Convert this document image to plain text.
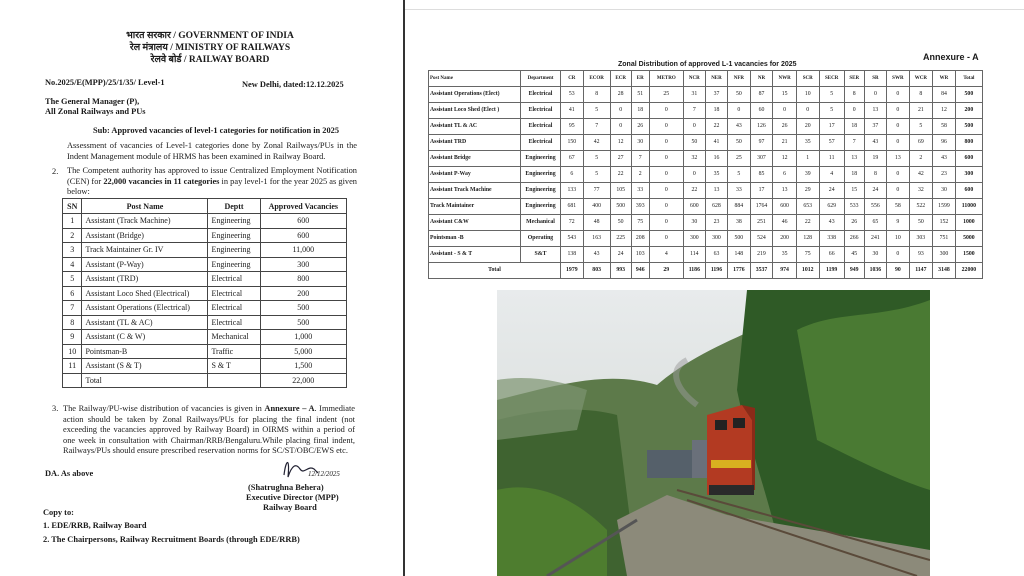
भारत सरकार / GOVERNMENT OF INDIA
रेल मंत्रालय / MINISTRY OF RAILWAYS
रेलवे बोर्ड / RAILWAY BOARD
No.2025/E(MPP)/25/1/35/ Level-1	New Delhi, dated:12.12.2025
The General Manager (P),
All Zonal Railways and PUs
Sub: Approved vacancies of level-1 categories for notification in 2025
Assessment of vacancies of Level-1 categories done by Zonal Railways/PUs in the Indent Management module of HRMS has been examined in Railway Board.
2. The Competent authority has approved to issue Centralized Employment Notification (CEN) for 22,000 vacancies in 11 categories in pay level-1 for the year 2025 as given below:
SN	Post Name	Deptt	Approved Vacancies
1	Assistant (Track Machine)	Engineering	600
2	Assistant (Bridge)	Engineering	600
3	Track Maintainer Gr. IV	Engineering	11,000
4	Assistant (P-Way)	Engineering	300
5	Assistant (TRD)	Electrical	800
6	Assistant Loco Shed (Electrical)	Electrical	200
7	Assistant Operations (Electrical)	Electrical	500
8	Assistant (TL & AC)	Electrical	500
9	Assistant (C & W)	Mechanical	1,000
10	Pointsman-B	Traffic	5,000
11	Assistant (S & T)	S & T	1,500
	Total		22,000
3. The Railway/PU-wise distribution of vacancies is given in Annexure – A. Immediate action should be taken by Zonal Railways/PUs for placing the final indent (not exceeding the vacancies approved by Railway Board) in OIRMS within a period of one week in consultation with Chairman/RRB/Bengaluru.While placing final indent, Railways/PUs should ensure prescribed reservation norms for SC/ST/OBC/EWS etc.
DA. As above	12/12/2025
(Shatrughna Beherа)
Executive Director (MPP)
Railway Board
Copy to:
1. EDE/RRB, Railway Board
2. The Chairpersons, Railway Recruitment Boards (through EDE/RRB)
Annexure - A
Zonal Distribution of approved L-1 vacancies for 2025
Post Name	Department	CR	ECOR	ECR	ER	METRO	NCR	NER	NFR	NR	NWR	SCR	SECR	SER	SR	SWR	WCR	WR	Total
Assistant Operations (Elect)	Electrical	53	8	28	51	25	31	37	50	87	15	10	5	8	0	0	8	84	500
Assistant Loco Shed (Elect )	Electrical	41	5	0	18	0	7	18	0	60	0	0	5	0	13	0	21	12	200
Assistant TL & AC	Electrical	95	7	0	26	0	0	22	43	126	26	20	17	18	37	0	5	58	500
Assistant TRD	Electrical	150	42	12	30	0	50	41	50	97	21	35	57	7	43	0	69	96	800
Assistant Bridge	Engineering	67	5	27	7	0	32	16	25	307	12	1	11	13	19	13	2	43	600
Assistant P-Way	Engineering	6	5	22	2	0	0	35	5	85	6	39	4	18	8	0	42	23	300
Assistant Track Machine	Engineering	133	77	105	33	0	22	13	33	17	13	29	24	15	24	0	32	30	600
Track Maintainer	Engineering	681	400	500	393	0	600	628	884	1764	600	653	629	533	556	58	522	1599	11000
Assistant C&W	Mechanical	72	48	50	75	0	30	23	38	251	46	22	43	26	65	9	50	152	1000
Pointsman -B	Operating	543	163	225	208	0	300	300	500	524	200	128	338	266	241	10	303	751	5000
Assistant - S & T	S&T	138	43	24	103	4	114	63	148	219	35	75	66	45	30	0	93	300	1500
Total		1979	803	993	946	29	1186	1196	1776	3537	974	1012	1199	949	1036	90	1147	3148	22000
